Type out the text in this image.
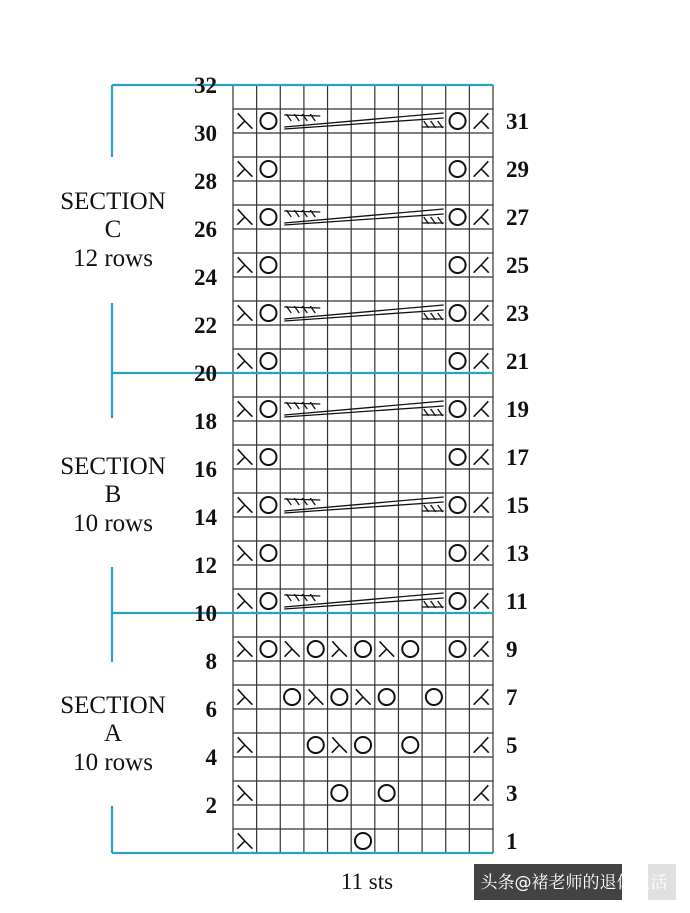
31
29
27
25
23
21
19
17
15
13
11
9
7
5
3
1
32
30
28
26
24
22
20
18
16
14
12
10
8
6
4
2
SECTION
C
12 rows
SECTION
B
10 rows
SECTION
A
10 rows
11 sts	头条@褚老师的退休生活
